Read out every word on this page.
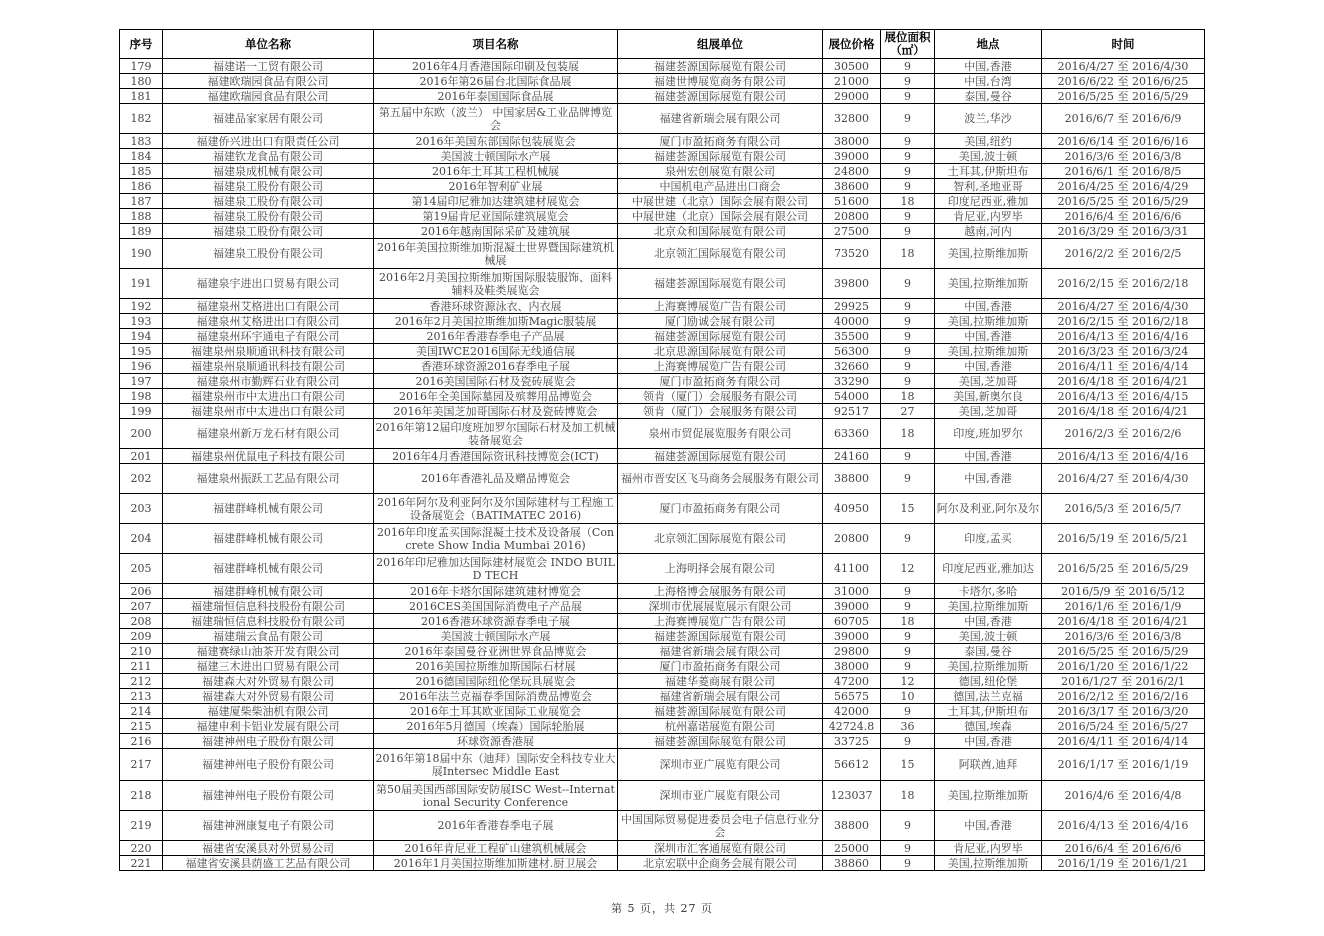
序号	单位名称	项目名称	组展单位	展位价格	展位面积（㎡）	地点	时间
179	福建诺一工贸有限公司	2016年4月香港国际印刷及包装展	福建荟源国际展览有限公司	30500	9	中国,香港	2016/4/27 至 2016/4/30
180	福建欧瑞园食品有限公司	2016年第26届台北国际食品展	福建世博展览商务有限公司	21000	9	中国,台湾	2016/6/22 至 2016/6/25
181	福建欧瑞园食品有限公司	2016年泰国国际食品展	福建荟源国际展览有限公司	29000	9	泰国,曼谷	2016/5/25 至 2016/5/29
182	福建品家家居有限公司	第五届中东欧（波兰） 中国家居&工业品牌博览会	福建省新瑞会展有限公司	32800	9	波兰,华沙	2016/6/7 至 2016/6/9
183	福建侨兴进出口有限责任公司	2016年美国东部国际包装展览会	厦门市盈拓商务有限公司	38000	9	美国,纽约	2016/6/14 至 2016/6/16
184	福建钦龙食品有限公司	美国波士顿国际水产展	福建荟源国际展览有限公司	39000	9	美国,波士顿	2016/3/6 至 2016/3/8
185	福建泉成机械有限公司	2016年土耳其工程机械展	泉州宏创展览有限公司	24800	9	土耳其,伊斯坦布	2016/6/1 至 2016/8/5
186	福建泉工股份有限公司	2016年智利矿业展	中国机电产品进出口商会	38600	9	智利,圣地亚哥	2016/4/25 至 2016/4/29
187	福建泉工股份有限公司	第14届印尼雅加达建筑建材展览会	中展世建（北京）国际会展有限公司	51600	18	印度尼西亚,雅加	2016/5/25 至 2016/5/29
188	福建泉工股份有限公司	第19届肯尼亚国际建筑展览会	中展世建（北京）国际会展有限公司	20800	9	肯尼亚,内罗毕	2016/6/4 至 2016/6/6
189	福建泉工股份有限公司	2016年越南国际采矿及建筑展	北京众和国际展览有限公司	27500	9	越南,河内	2016/3/29 至 2016/3/31
190	福建泉工股份有限公司	2016年美国拉斯维加斯混凝土世界暨国际建筑机械展	北京领汇国际展览有限公司	73520	18	美国,拉斯维加斯	2016/2/2 至 2016/2/5
191	福建泉宇进出口贸易有限公司	2016年2月美国拉斯维加斯国际服装服饰、面料辅料及鞋类展览会	福建荟源国际展览有限公司	39800	9	美国,拉斯维加斯	2016/2/15 至 2016/2/18
192	福建泉州艾格进出口有限公司	香港环球资源泳衣、内衣展	上海赛博展览广告有限公司	29925	9	中国,香港	2016/4/27 至 2016/4/30
193	福建泉州艾格进出口有限公司	2016年2月美国拉斯维加斯Magic服装展	厦门励诚会展有限公司	40000	9	美国,拉斯维加斯	2016/2/15 至 2016/2/18
194	福建泉州环宇通电子有限公司	2016年香港春季电子产品展	福建荟源国际展览有限公司	35500	9	中国,香港	2016/4/13 至 2016/4/16
195	福建泉州泉顺通讯科技有限公司	美国IWCE2016国际无线通信展	北京思源国际展览有限公司	56300	9	美国,拉斯维加斯	2016/3/23 至 2016/3/24
196	福建泉州泉顺通讯科技有限公司	香港环球资源2016春季电子展	上海赛博展览广告有限公司	32660	9	中国,香港	2016/4/11 至 2016/4/14
197	福建泉州市勤辉石业有限公司	2016美国国际石材及瓷砖展览会	厦门市盈拓商务有限公司	33290	9	美国,芝加哥	2016/4/18 至 2016/4/21
198	福建泉州市中太进出口有限公司	2016年全美国际墓园及殡葬用品博览会	领肯（厦门）会展服务有限公司	54000	18	美国,新奥尔良	2016/4/13 至 2016/4/15
199	福建泉州市中太进出口有限公司	2016年美国芝加哥国际石材及瓷砖博览会	领肯（厦门）会展服务有限公司	92517	27	美国,芝加哥	2016/4/18 至 2016/4/21
200	福建泉州新万龙石材有限公司	2016年第12届印度班加罗尔国际石材及加工机械装备展览会	泉州市贸促展览服务有限公司	63360	18	印度,班加罗尔	2016/2/3 至 2016/2/6
201	福建泉州优鼠电子科技有限公司	2016年4月香港国际资讯科技博览会(ICT)	福建荟源国际展览有限公司	24160	9	中国,香港	2016/4/13 至 2016/4/16
202	福建泉州振跃工艺品有限公司	2016年香港礼品及赠品博览会	福州市晋安区飞马商务会展服务有限公司	38800	9	中国,香港	2016/4/27 至 2016/4/30
203	福建群峰机械有限公司	2016年阿尔及利亚阿尔及尔国际建材与工程施工设备展览会（BATIMATEC 2016)	厦门市盈拓商务有限公司	40950	15	阿尔及利亚,阿尔及尔	2016/5/3 至 2016/5/7
204	福建群峰机械有限公司	2016年印度孟买国际混凝土技术及设备展（Concrete Show India Mumbai 2016)	北京领汇国际展览有限公司	20800	9	印度,孟买	2016/5/19 至 2016/5/21
205	福建群峰机械有限公司	2016年印尼雅加达国际建材展览会 INDO BUILD TECH	上海明择会展有限公司	41100	12	印度尼西亚,雅加达	2016/5/25 至 2016/5/29
206	福建群峰机械有限公司	2016年卡塔尔国际建筑建材博览会	上海格博会展服务有限公司	31000	9	卡塔尔,多哈	2016/5/9 至 2016/5/12
207	福建瑞恒信息科技股份有限公司	2016CES美国国际消费电子产品展	深圳市优展展览展示有限公司	39000	9	美国,拉斯维加斯	2016/1/6 至 2016/1/9
208	福建瑞恒信息科技股份有限公司	2016香港环球资源春季电子展	上海赛博展览广告有限公司	60705	18	中国,香港	2016/4/18 至 2016/4/21
209	福建瑞云食品有限公司	美国波士顿国际水产展	福建荟源国际展览有限公司	39000	9	美国,波士顿	2016/3/6 至 2016/3/8
210	福建赛绿山油茶开发有限公司	2016年泰国曼谷亚洲世界食品博览会	福建省新瑞会展有限公司	29800	9	泰国,曼谷	2016/5/25 至 2016/5/29
211	福建三木进出口贸易有限公司	2016美国拉斯维加斯国际石材展	厦门市盈拓商务有限公司	38000	9	美国,拉斯维加斯	2016/1/20 至 2016/1/22
212	福建森大对外贸易有限公司	2016德国国际纽伦堡玩具展览会	福建华菱商展有限公司	47200	12	德国,纽伦堡	2016/1/27 至 2016/2/1
213	福建森大对外贸易有限公司	2016年法兰克福春季国际消费品博览会	福建省新瑞会展有限公司	56575	10	德国,法兰克福	2016/2/12 至 2016/2/16
214	福建厦柴柴油机有限公司	2016年土耳其欧亚国际工业展览会	福建荟源国际展览有限公司	42000	9	土耳其,伊斯坦布	2016/3/17 至 2016/3/20
215	福建申利卡铝业发展有限公司	2016年5月德国（埃森）国际轮胎展	杭州嘉诺展览有限公司	42724.8	36	德国,埃森	2016/5/24 至 2016/5/27
216	福建神州电子股份有限公司	环球资源香港展	福建荟源国际展览有限公司	33725	9	中国,香港	2016/4/11 至 2016/4/14
217	福建神州电子股份有限公司	2016年第18届中东（迪拜）国际安全科技专业大展Intersec Middle East	深圳市亚广展览有限公司	56612	15	阿联酋,迪拜	2016/1/17 至 2016/1/19
218	福建神州电子股份有限公司	第50届美国西部国际安防展ISC West--International Security Conference	深圳市亚广展览有限公司	123037	18	美国,拉斯维加斯	2016/4/6 至 2016/4/8
219	福建神洲康复电子有限公司	2016年香港春季电子展	中国国际贸易促进委员会电子信息行业分会	38800	9	中国,香港	2016/4/13 至 2016/4/16
220	福建省安溪县对外贸易公司	2016年肯尼亚工程矿山建筑机械展会	深圳市汇客通展览有限公司	25000	9	肯尼亚,内罗毕	2016/6/4 至 2016/6/6
221	福建省安溪县荫盛工艺品有限公司	2016年1月美国拉斯维加斯建材.厨卫展会	北京宏联中企商务会展有限公司	38860	9	美国,拉斯维加斯	2016/1/19 至 2016/1/21
第 5 页，共 27 页
